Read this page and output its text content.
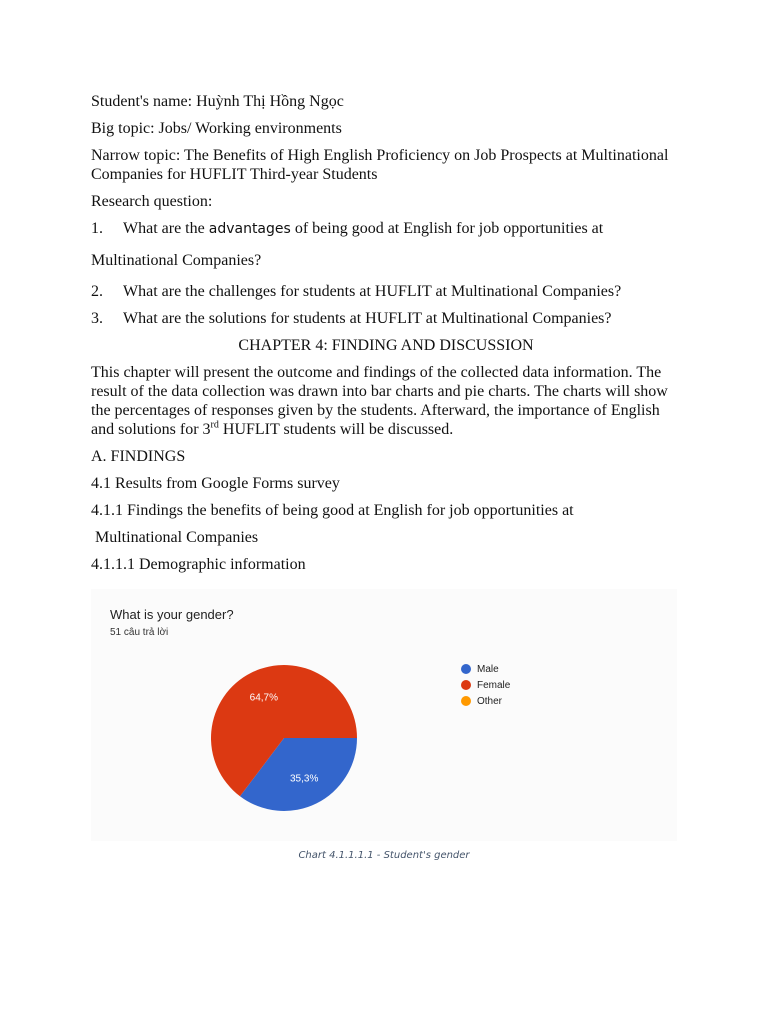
Student's name: Huỳnh Thị Hồng Ngọc
Big topic: Jobs/ Working environments
Narrow topic: The Benefits of High English Proficiency on Job Prospects at Multinational Companies for HUFLIT Third-year Students
Research question:
1.	What are the advantages of being good at English for job opportunities at
Multinational Companies?
2.	What are the challenges for students at HUFLIT at Multinational Companies?
3.	What are the solutions for students at HUFLIT at Multinational Companies?
CHAPTER 4: FINDING AND DISCUSSION
This chapter will present the outcome and findings of the collected data information. The result of the data collection was drawn into bar charts and pie charts. The charts will show the percentages of responses given by the students. Afterward, the importance of English and solutions for 3rd HUFLIT students will be discussed.
A. FINDINGS
4.1 Results from Google Forms survey
4.1.1 Findings the benefits of being good at English for job opportunities at
Multinational Companies
4.1.1.1 Demographic information
What is your gender?
51 câu trả lời
35,3%
64,7%
Male
Female
Other
Chart 4.1.1.1.1 - Student's gender
